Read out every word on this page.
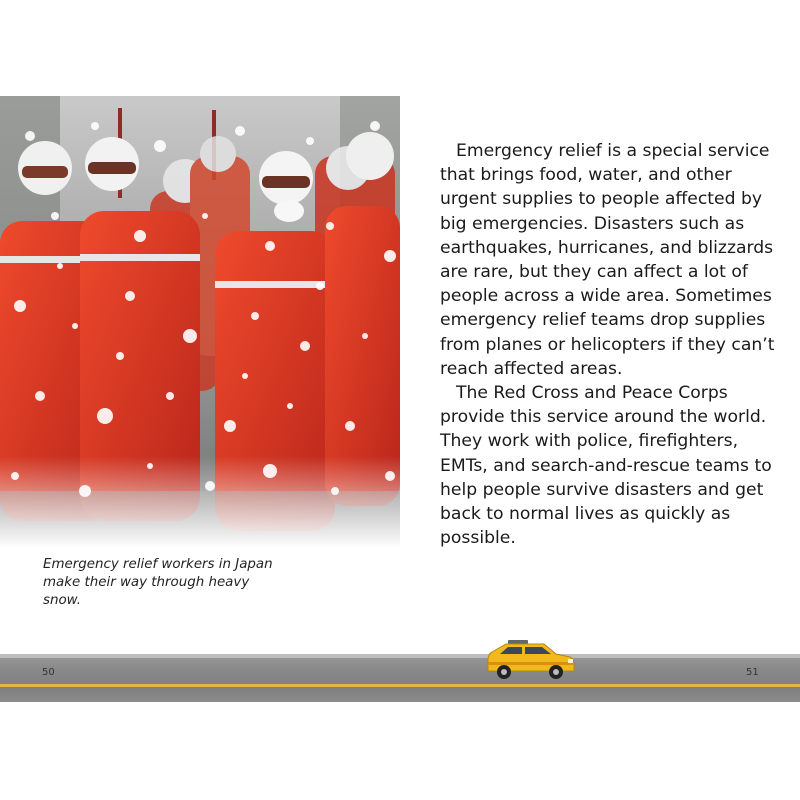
Emergency relief is a special service that brings food, water, and other urgent supplies to people affected by big emergencies. Disasters such as earthquakes, hurricanes, and blizzards are rare, but they can affect a lot of people across a wide area. Sometimes emergency relief teams drop supplies from planes or helicopters if they can’t reach affected areas.

The Red Cross and Peace Corps provide this service around the world. They work with police, firefighters, EMTs, and search-and-rescue teams to help people survive disasters and get back to normal lives as quickly as possible.

Emergency relief workers in Japan make their way through heavy snow.
50	51
